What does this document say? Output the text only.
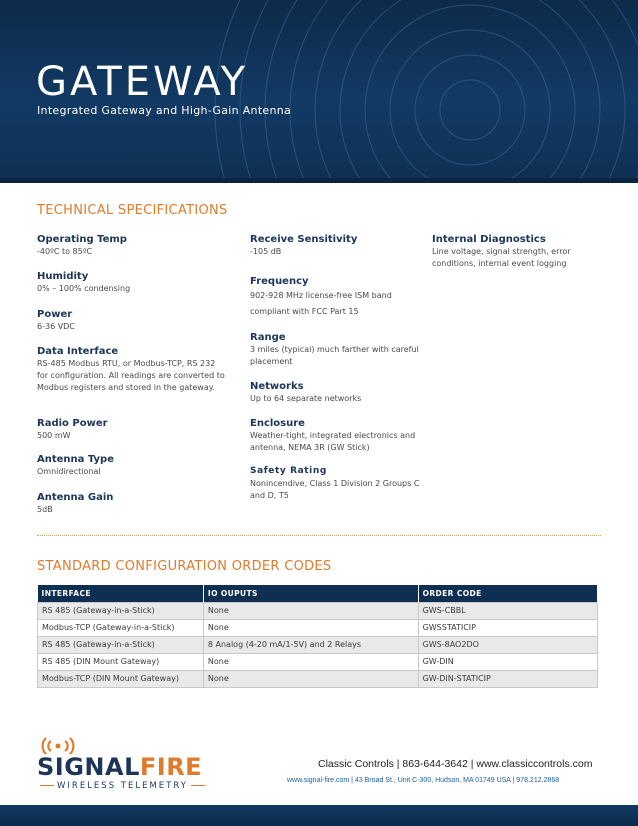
GATEWAY
Integrated Gateway and High-Gain Antenna
TECHNICAL SPECIFICATIONS
Operating Temp
-40ºC to 85ºC
Humidity
0% – 100% condensing
Power
6-36 VDC
Data Interface
RS-485 Modbus RTU, or Modbus-TCP, RS 232 for configuration. All readings are converted to Modbus registers and stored in the gateway.
Radio Power
500 mW
Antenna Type
Omnidirectional
Antenna Gain
5dB
Receive Sensitivity
-105 dB
Frequency
902-928 MHz license-free ISM band compliant with FCC Part 15
Range
3 miles (typical) much farther with careful placement
Networks
Up to 64 separate networks
Enclosure
Weather-tight, integrated electronics and antenna, NEMA 3R (GW Stick)
Safety Rating
Nonincendive, Class 1 Division 2 Groups C and D, T5
Internal Diagnostics
Line voltage, signal strength, error conditions, internal event logging
STANDARD CONFIGURATION ORDER CODES
INTERFACE	IO OUPUTS	ORDER CODE
RS 485 (Gateway-in-a-Stick)	None	GWS-CBBL
Modbus-TCP (Gateway-in-a-Stick)	None	GWSSTATICIP
RS 485 (Gateway-in-a-Stick)	8 Analog (4-20 mA/1-5V) and 2 Relays	GWS-8AO2DO
RS 485 (DIN Mount Gateway)	None	GW-DIN
Modbus-TCP (DIN Mount Gateway)	None	GW-DIN-STATICIP
SIGNALFIRE
WIRELESS TELEMETRY
Classic Controls | 863-644-3642 | www.classiccontrols.com
www.signal-fire.com | 43 Broad St., Unit C-300, Hudson, MA 01749 USA | 978.212.2868
